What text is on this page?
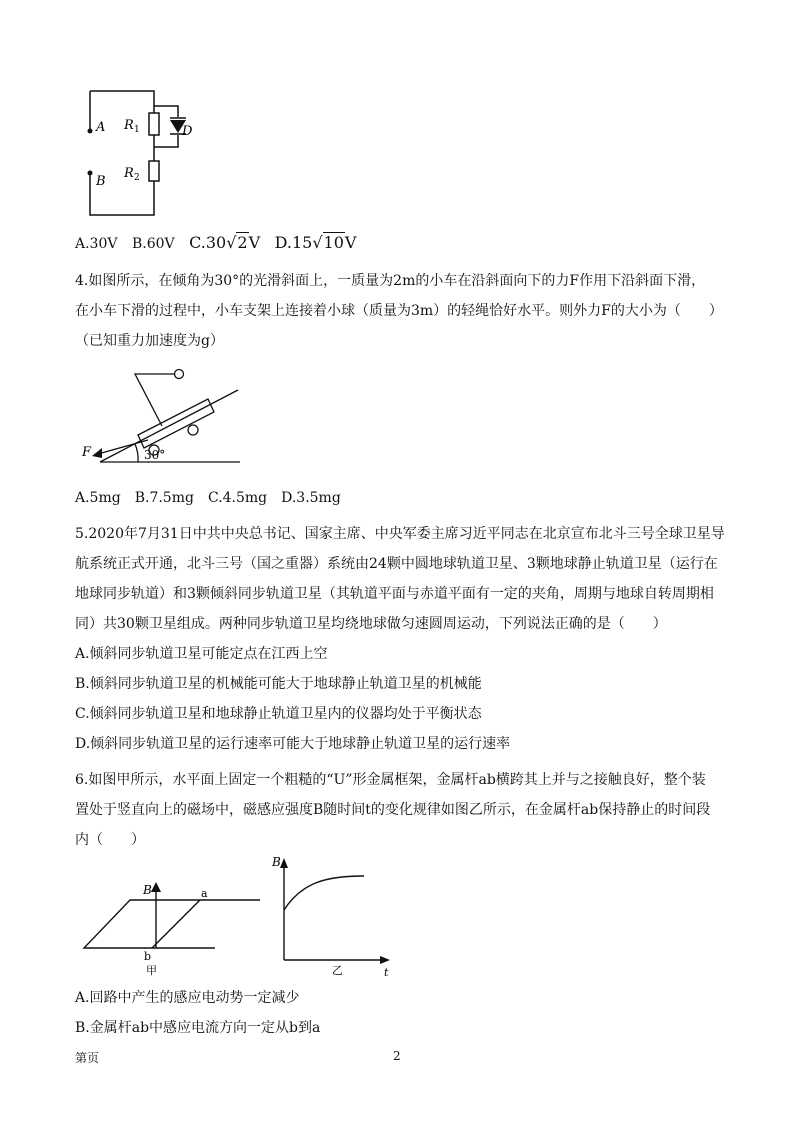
A
B
R 1
R 2
D
A.30V B.60V C.30√2V D.15√10V
4.如图所示，在倾角为30°的光滑斜面上，一质量为2m的小车在沿斜面向下的力F作用下沿斜面下滑，
在小车下滑的过程中，小车支架上连接着小球（质量为3m）的轻绳恰好水平。则外力F的大小为（　　）
（已知重力加速度为g）
F	30°
A.5mg　B.7.5mg　C.4.5mg　D.3.5mg
5.2020年7月31日中共中央总书记、国家主席、中央军委主席习近平同志在北京宣布北斗三号全球卫星导
航系统正式开通，北斗三号（国之重器）系统由24颗中圆地球轨道卫星、3颗地球静止轨道卫星（运行在
地球同步轨道）和3颗倾斜同步轨道卫星（其轨道平面与赤道平面有一定的夹角，周期与地球自转周期相
同）共30颗卫星组成。两种同步轨道卫星均绕地球做匀速圆周运动，下列说法正确的是（　　）
A.倾斜同步轨道卫星可能定点在江西上空
B.倾斜同步轨道卫星的机械能可能大于地球静止轨道卫星的机械能
C.倾斜同步轨道卫星和地球静止轨道卫星内的仪器均处于平衡状态
D.倾斜同步轨道卫星的运行速率可能大于地球静止轨道卫星的运行速率
6.如图甲所示，水平面上固定一个粗糙的“U”形金属框架，金属杆ab横跨其上并与之接触良好，整个装
置处于竖直向上的磁场中，磁感应强度B随时间t的变化规律如图乙所示，在金属杆ab保持静止的时间段
内（　　）
B	a
b
甲
B
t
乙
A.回路中产生的感应电动势一定减少
B.金属杆ab中感应电流方向一定从b到a
第页	2
